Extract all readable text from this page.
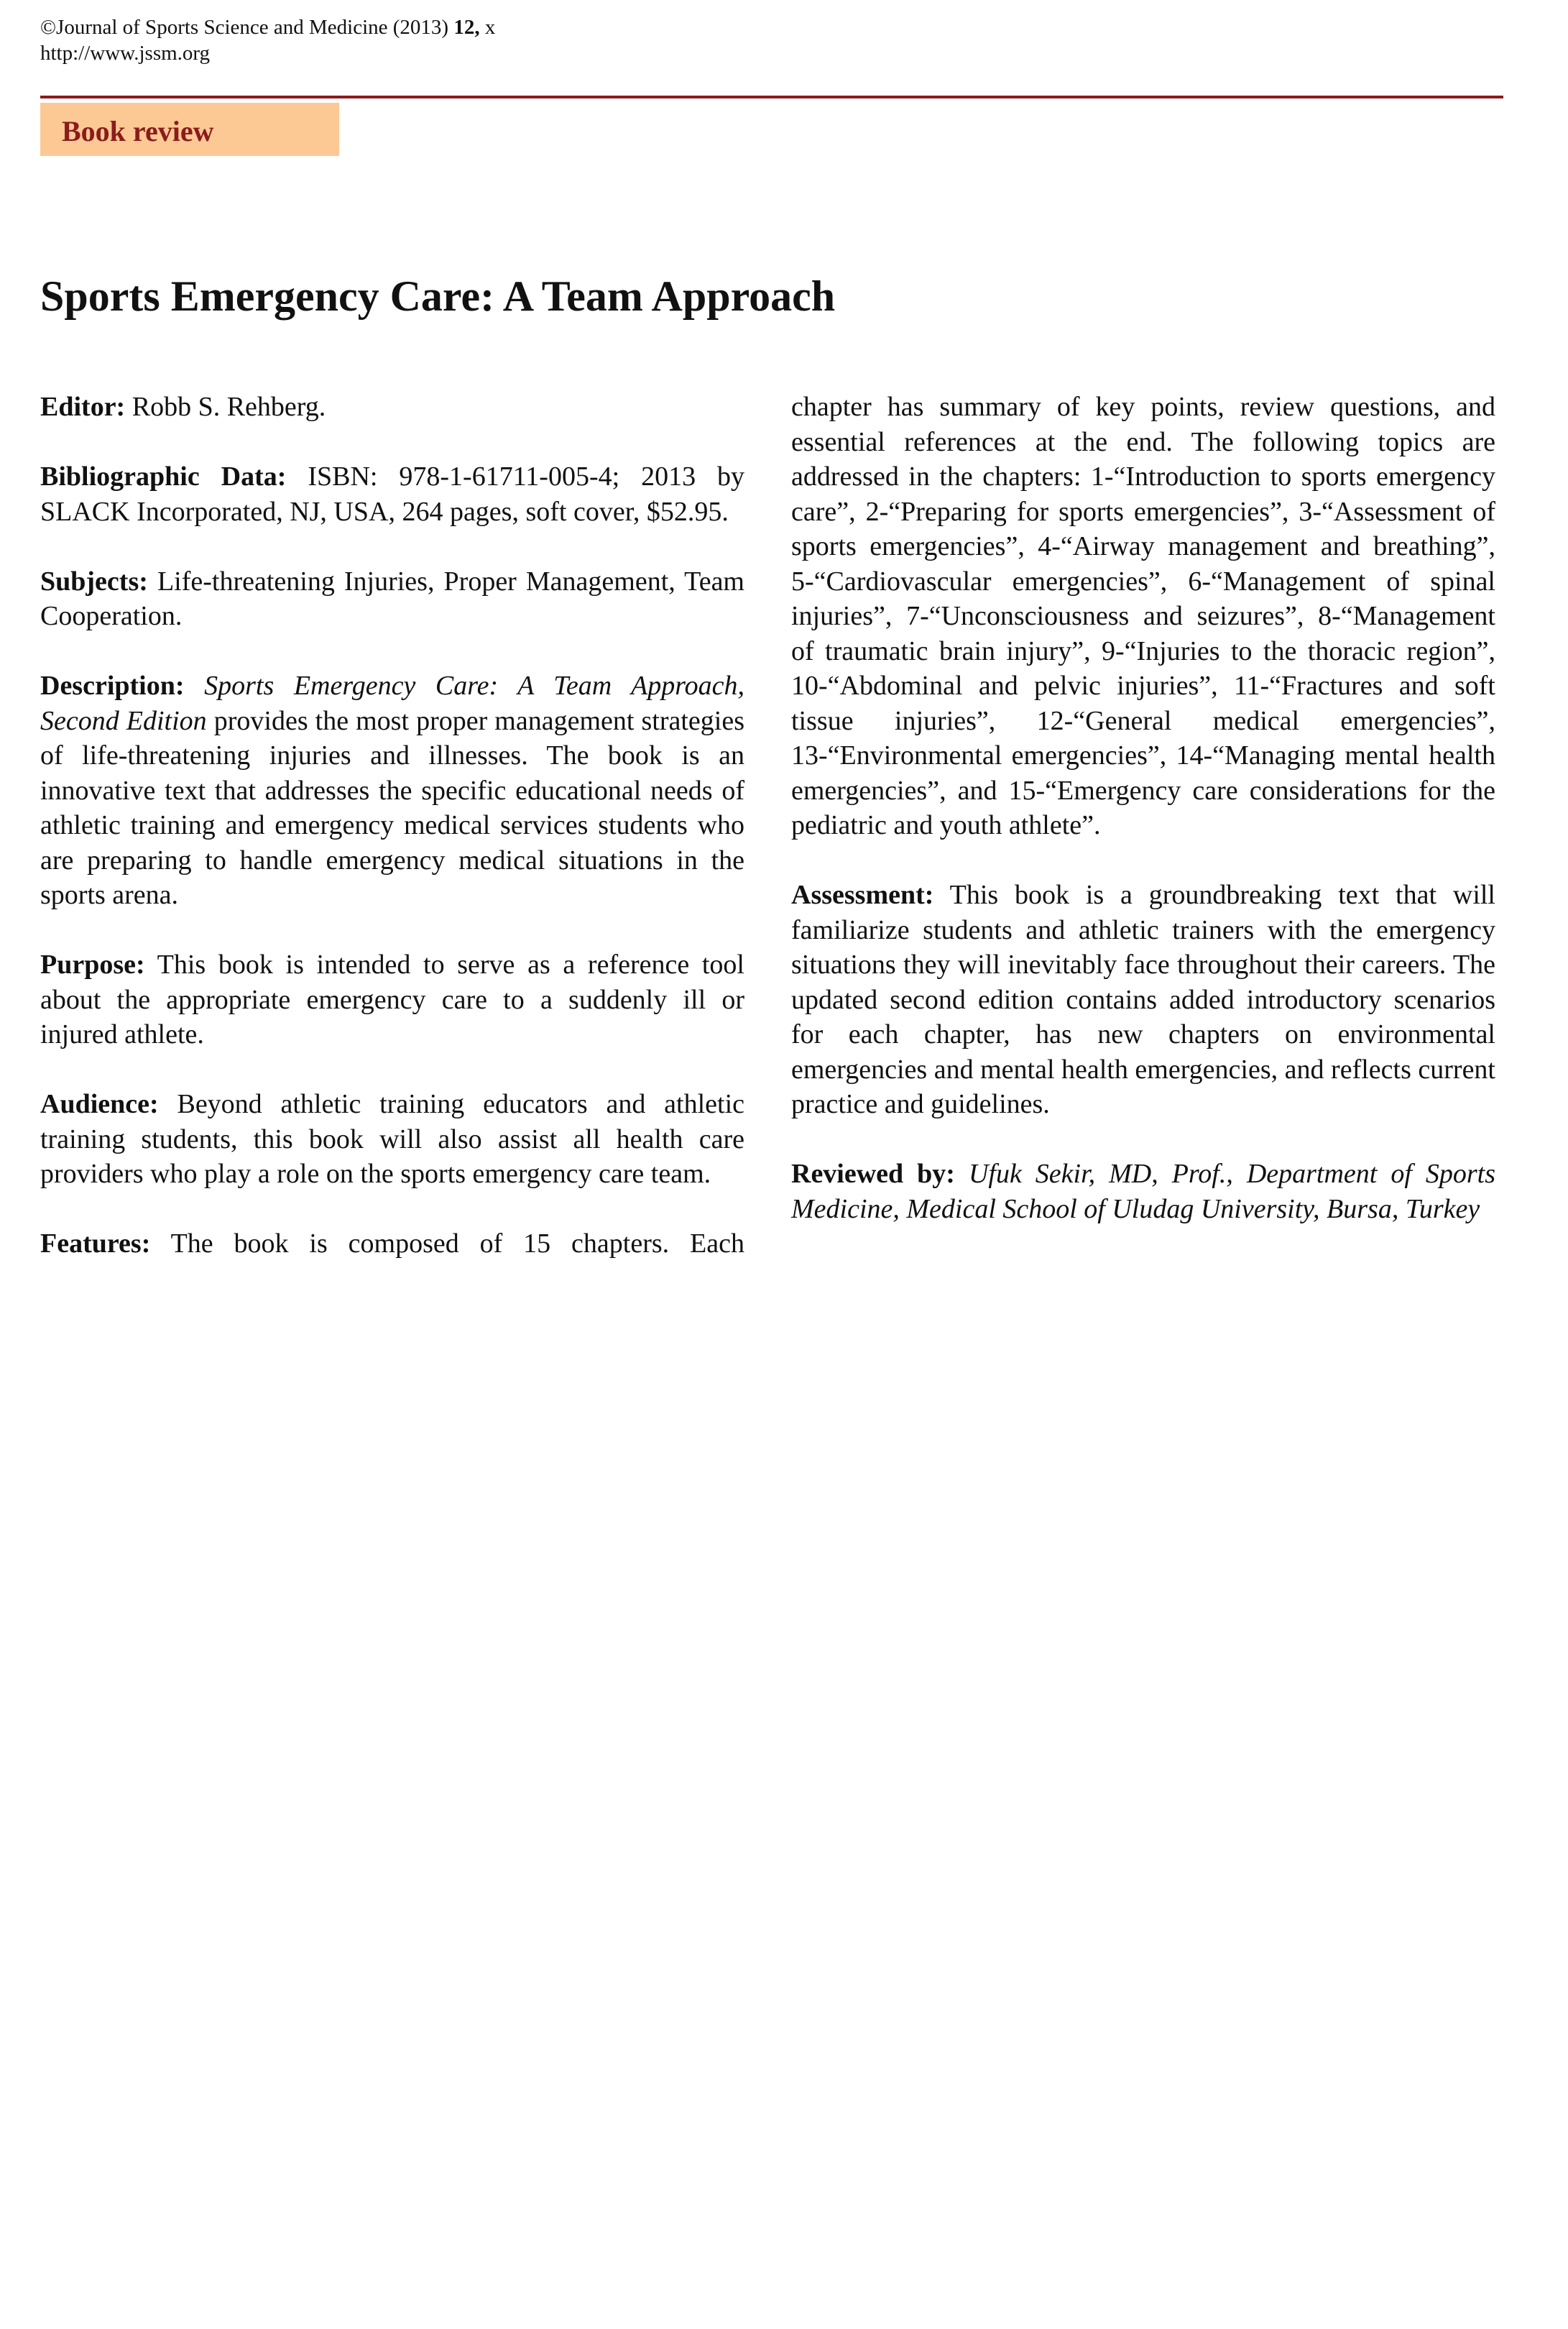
©Journal of Sports Science and Medicine (2013) 12, x
http://www.jssm.org
Book review
Sports Emergency Care: A Team Approach

Editor: Robb S. Rehberg.

Bibliographic Data: ISBN: 978-1-61711-005-4; 2013 by SLACK Incorporated, NJ, USA, 264 pages, soft cover, $52.95.

Subjects: Life-threatening Injuries, Proper Management, Team Cooperation.

Description: Sports Emergency Care: A Team Approach, Second Edition provides the most proper management strategies of life-threatening injuries and illnesses. The book is an innovative text that addresses the specific educational needs of athletic training and emergency medical services students who are preparing to handle emergency medical situations in the sports arena.

Purpose: This book is intended to serve as a reference tool about the appropriate emergency care to a suddenly ill or injured athlete.

Audience: Beyond athletic training educators and athletic training students, this book will also assist all health care providers who play a role on the sports emergency care team.

Features: The book is composed of 15 chapters. Each

chapter has summary of key points, review questions, and essential references at the end. The following topics are addressed in the chapters: 1-“Introduction to sports emergency care”, 2-“Preparing for sports emergencies”, 3-“Assessment of sports emergencies”, 4-“Airway management and breathing”, 5-“Cardiovascular emergencies”, 6-“Management of spinal injuries”, 7-“Unconsciousness and seizures”, 8-“Management of traumatic brain injury”, 9-“Injuries to the thoracic region”, 10-“Abdominal and pelvic injuries”, 11-“Fractures and soft tissue injuries”, 12-“General medical emergencies”, 13-“Environmental emergencies”, 14-“Managing mental health emergencies”, and 15-“Emergency care considerations for the pediatric and youth athlete”.

Assessment: This book is a groundbreaking text that will familiarize students and athletic trainers with the emergency situations they will inevitably face throughout their careers. The updated second edition contains added introductory scenarios for each chapter, has new chapters on environmental emergencies and mental health emergencies, and reflects current practice and guidelines.

Reviewed by: Ufuk Sekir, MD, Prof., Department of Sports Medicine, Medical School of Uludag University, Bursa, Turkey
